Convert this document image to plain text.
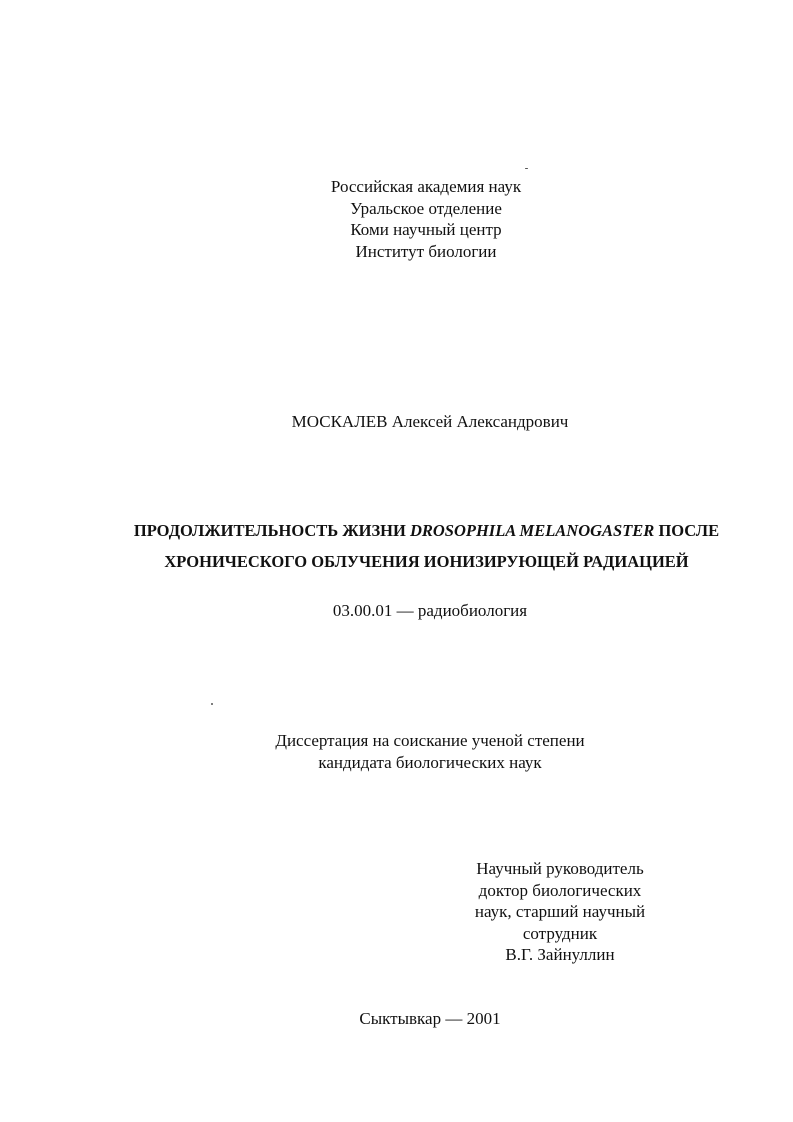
Российская академия наук
Уральское отделение
Коми научный центр
Институт биологии
МОСКАЛЕВ Алексей Александрович
ПРОДОЛЖИТЕЛЬНОСТЬ ЖИЗНИ DROSOPHILA MELANOGASTER ПОСЛЕ
ХРОНИЧЕСКОГО ОБЛУЧЕНИЯ ИОНИЗИРУЮЩЕЙ РАДИАЦИЕЙ
03.00.01 — радиобиология
Диссертация на соискание ученой степени
кандидата биологических наук
Научный руководитель
доктор биологических
наук, старший научный
сотрудник
В.Г. Зайнуллин
Сыктывкар — 2001
